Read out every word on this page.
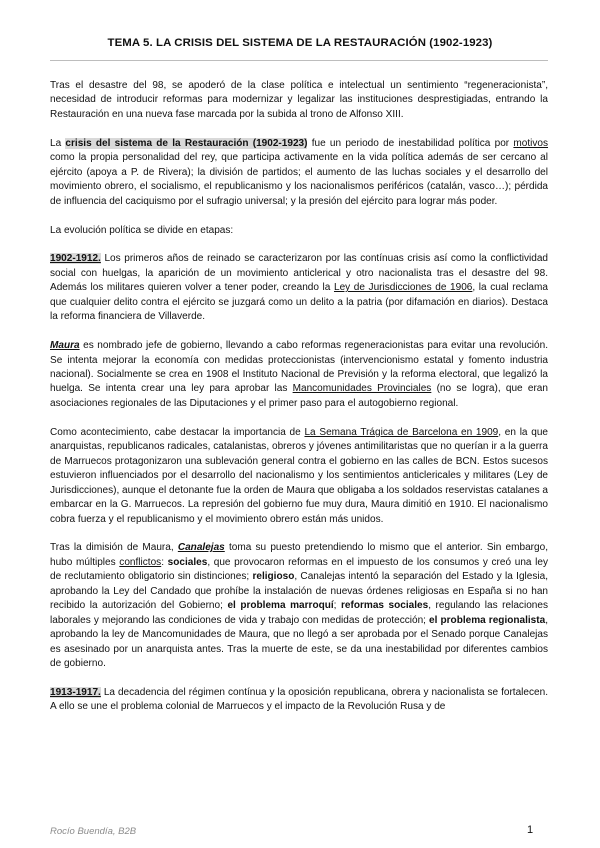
TEMA 5. LA CRISIS DEL SISTEMA DE LA RESTAURACIÓN (1902-1923)

Tras el desastre del 98, se apoderó de la clase política e intelectual un sentimiento “regeneracionista”, necesidad de introducir reformas para modernizar y legalizar las instituciones desprestigiadas, entrando la Restauración en una nueva fase marcada por la subida al trono de Alfonso XIII.

La crisis del sistema de la Restauración (1902-1923) fue un periodo de inestabilidad política por motivos como la propia personalidad del rey, que participa activamente en la vida política además de ser cercano al ejército (apoya a P. de Rivera); la división de partidos; el aumento de las luchas sociales y el desarrollo del movimiento obrero, el socialismo, el republicanismo y los nacionalismos periféricos (catalán, vasco…); pérdida de influencia del caciquismo por el sufragio universal; y la presión del ejército para lograr más poder.

La evolución política se divide en etapas:

1902-1912. Los primeros años de reinado se caracterizaron por las contínuas crisis así como la conflictividad social con huelgas, la aparición de un movimiento anticlerical y otro nacionalista tras el desastre del 98. Además los militares quieren volver a tener poder, creando la Ley de Jurisdicciones de 1906, la cual reclama que cualquier delito contra el ejército se juzgará como un delito a la patria (por difamación en diarios). Destaca la reforma financiera de Villaverde.

Maura es nombrado jefe de gobierno, llevando a cabo reformas regeneracionistas para evitar una revolución. Se intenta mejorar la economía con medidas proteccionistas (intervencionismo estatal y fomento industria nacional). Socialmente se crea en 1908 el Instituto Nacional de Previsión y la reforma electoral, que legalizó la huelga. Se intenta crear una ley para aprobar las Mancomunidades Provinciales (no se logra), que eran asociaciones regionales de las Diputaciones y el primer paso para el autogobierno regional.

Como acontecimiento, cabe destacar la importancia de La Semana Trágica de Barcelona en 1909, en la que anarquistas, republicanos radicales, catalanistas, obreros y jóvenes antimilitaristas que no querían ir a la guerra de Marruecos protagonizaron una sublevación general contra el gobierno en las calles de BCN. Estos sucesos estuvieron influenciados por el desarrollo del nacionalismo y los sentimientos anticlericales y militares (Ley de Jurisdicciones), aunque el detonante fue la orden de Maura que obligaba a los soldados reservistas catalanes a embarcar en la G. Marruecos. La represión del gobierno fue muy dura, Maura dimitió en 1910. El nacionalismo cobra fuerza y el republicanismo y el movimiento obrero están más unidos.

Tras la dimisión de Maura, Canalejas toma su puesto pretendiendo lo mismo que el anterior. Sin embargo, hubo múltiples conflictos: sociales, que provocaron reformas en el impuesto de los consumos y creó una ley de reclutamiento obligatorio sin distinciones; religioso, Canalejas intentó la separación del Estado y la Iglesia, aprobando la Ley del Candado que prohíbe la instalación de nuevas órdenes religiosas en España si no han recibido la autorización del Gobierno; el problema marroquí; reformas sociales, regulando las relaciones laborales y mejorando las condiciones de vida y trabajo con medidas de protección; el problema regionalista, aprobando la ley de Mancomunidades de Maura, que no llegó a ser aprobada por el Senado porque Canalejas es asesinado por un anarquista antes. Tras la muerte de este, se da una inestabilidad por diferentes cambios de gobierno.

1913-1917. La decadencia del régimen contínua y la oposición republicana, obrera y nacionalista se fortalecen. A ello se une el problema colonial de Marruecos y el impacto de la Revolución Rusa y de

Rocío Buendía, B2B	1
